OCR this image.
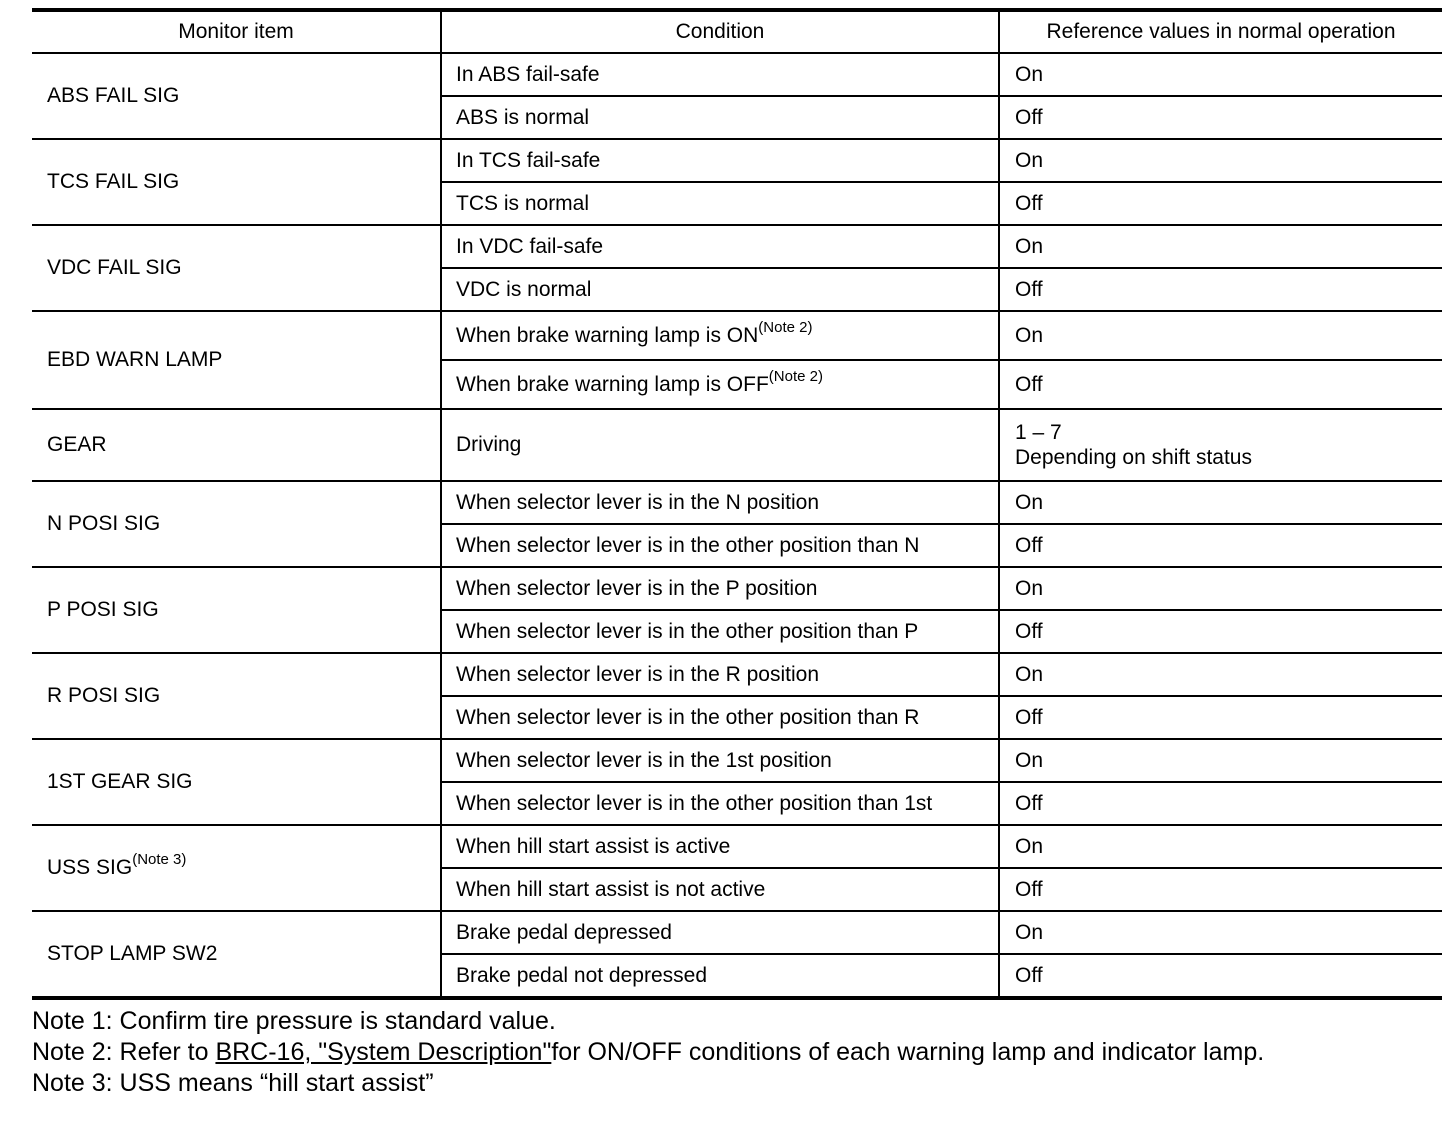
Monitor item	Condition	Reference values in normal operation
ABS FAIL SIG	In ABS fail-safe	On

	ABS is normal	Off

TCS FAIL SIG	In TCS fail-safe	On

	TCS is normal	Off

VDC FAIL SIG	In VDC fail-safe	On

	VDC is normal	Off

EBD WARN LAMP	When brake warning lamp is ON$^{(Note 2)}$	On

	When brake warning lamp is OFF$^{(Note 2)}$	Off

GEAR	Driving	1 – 7
Depending on shift status

N POSI SIG	When selector lever is in the N position	On

	When selector lever is in the other position than N	Off

P POSI SIG	When selector lever is in the P position	On

	When selector lever is in the other position than P	Off

R POSI SIG	When selector lever is in the R position	On

	When selector lever is in the other position than R	Off

1ST GEAR SIG	When selector lever is in the 1st position	On

	When selector lever is in the other position than 1st	Off

USS SIG$^{(Note 3)}$	When hill start assist is active	On

	When hill start assist is not active	Off

STOP LAMP SW2	Brake pedal depressed	On

	Brake pedal not depressed	Off
Note 1: Confirm tire pressure is standard value.
Note 2: Refer to BRC-16, "System Description"for ON/OFF conditions of each warning lamp and indicator lamp.
Note 3: USS means “hill start assist”
